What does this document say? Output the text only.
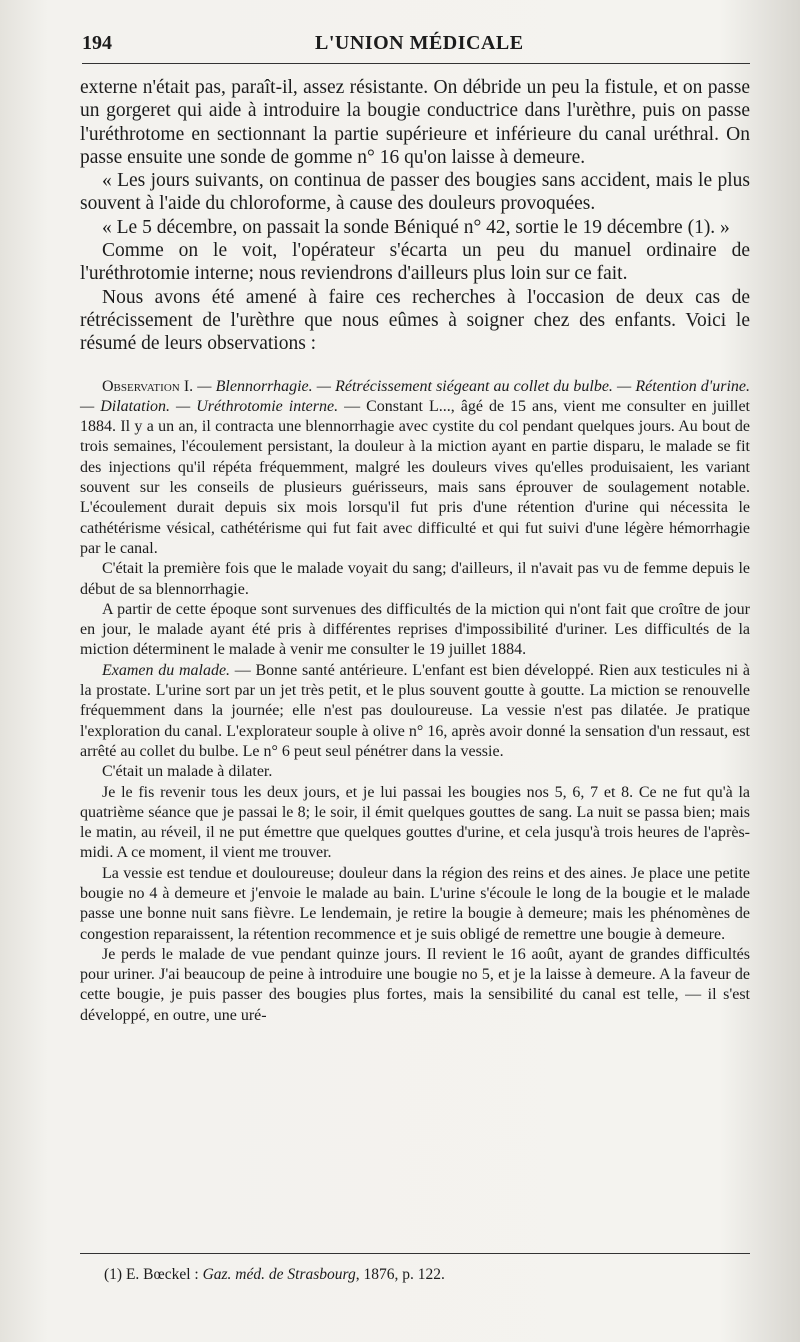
194	L'UNION MÉDICALE

externe n'était pas, paraît-il, assez résistante. On débride un peu la fistule, et on passe un gorgeret qui aide à introduire la bougie conductrice dans l'urèthre, puis on passe l'uréthrotome en sectionnant la partie supérieure et inférieure du canal uréthral. On passe ensuite une sonde de gomme n° 16 qu'on laisse à demeure.

« Les jours suivants, on continua de passer des bougies sans accident, mais le plus souvent à l'aide du chloroforme, à cause des douleurs provoquées.

« Le 5 décembre, on passait la sonde Béniqué n° 42, sortie le 19 décembre (1). »

Comme on le voit, l'opérateur s'écarta un peu du manuel ordinaire de l'uréthrotomie interne; nous reviendrons d'ailleurs plus loin sur ce fait.

Nous avons été amené à faire ces recherches à l'occasion de deux cas de rétrécissement de l'urèthre que nous eûmes à soigner chez des enfants. Voici le résumé de leurs observations :

Observation I. — Blennorrhagie. — Rétrécissement siégeant au collet du bulbe. — Rétention d'urine. — Dilatation. — Uréthrotomie interne. — Constant L..., âgé de 15 ans, vient me consulter en juillet 1884. Il y a un an, il contracta une blennorrhagie avec cystite du col pendant quelques jours. Au bout de trois semaines, l'écoulement persistant, la douleur à la miction ayant en partie disparu, le malade se fit des injections qu'il répéta fréquemment, malgré les douleurs vives qu'elles produisaient, les variant souvent sur les conseils de plusieurs guérisseurs, mais sans éprouver de soulagement notable. L'écoulement durait depuis six mois lorsqu'il fut pris d'une rétention d'urine qui nécessita le cathétérisme vésical, cathétérisme qui fut fait avec difficulté et qui fut suivi d'une légère hémorrhagie par le canal.

C'était la première fois que le malade voyait du sang; d'ailleurs, il n'avait pas vu de femme depuis le début de sa blennorrhagie.

A partir de cette époque sont survenues des difficultés de la miction qui n'ont fait que croître de jour en jour, le malade ayant été pris à différentes reprises d'impossibilité d'uriner. Les difficultés de la miction déterminent le malade à venir me consulter le 19 juillet 1884.

Examen du malade. — Bonne santé antérieure. L'enfant est bien développé. Rien aux testicules ni à la prostate. L'urine sort par un jet très petit, et le plus souvent goutte à goutte. La miction se renouvelle fréquemment dans la journée; elle n'est pas douloureuse. La vessie n'est pas dilatée. Je pratique l'exploration du canal. L'explorateur souple à olive n° 16, après avoir donné la sensation d'un ressaut, est arrêté au collet du bulbe. Le n° 6 peut seul pénétrer dans la vessie.

C'était un malade à dilater.

Je le fis revenir tous les deux jours, et je lui passai les bougies nos 5, 6, 7 et 8. Ce ne fut qu'à la quatrième séance que je passai le 8; le soir, il émit quelques gouttes de sang. La nuit se passa bien; mais le matin, au réveil, il ne put émettre que quelques gouttes d'urine, et cela jusqu'à trois heures de l'après-midi. A ce moment, il vient me trouver.

La vessie est tendue et douloureuse; douleur dans la région des reins et des aines. Je place une petite bougie no 4 à demeure et j'envoie le malade au bain. L'urine s'écoule le long de la bougie et le malade passe une bonne nuit sans fièvre. Le lendemain, je retire la bougie à demeure; mais les phénomènes de congestion reparaissent, la rétention recommence et je suis obligé de remettre une bougie à demeure.

Je perds le malade de vue pendant quinze jours. Il revient le 16 août, ayant de grandes difficultés pour uriner. J'ai beaucoup de peine à introduire une bougie no 5, et je la laisse à demeure. A la faveur de cette bougie, je puis passer des bougies plus fortes, mais la sensibilité du canal est telle, — il s'est développé, en outre, une uré-

(1) E. Bœckel : Gaz. méd. de Strasbourg, 1876, p. 122.
